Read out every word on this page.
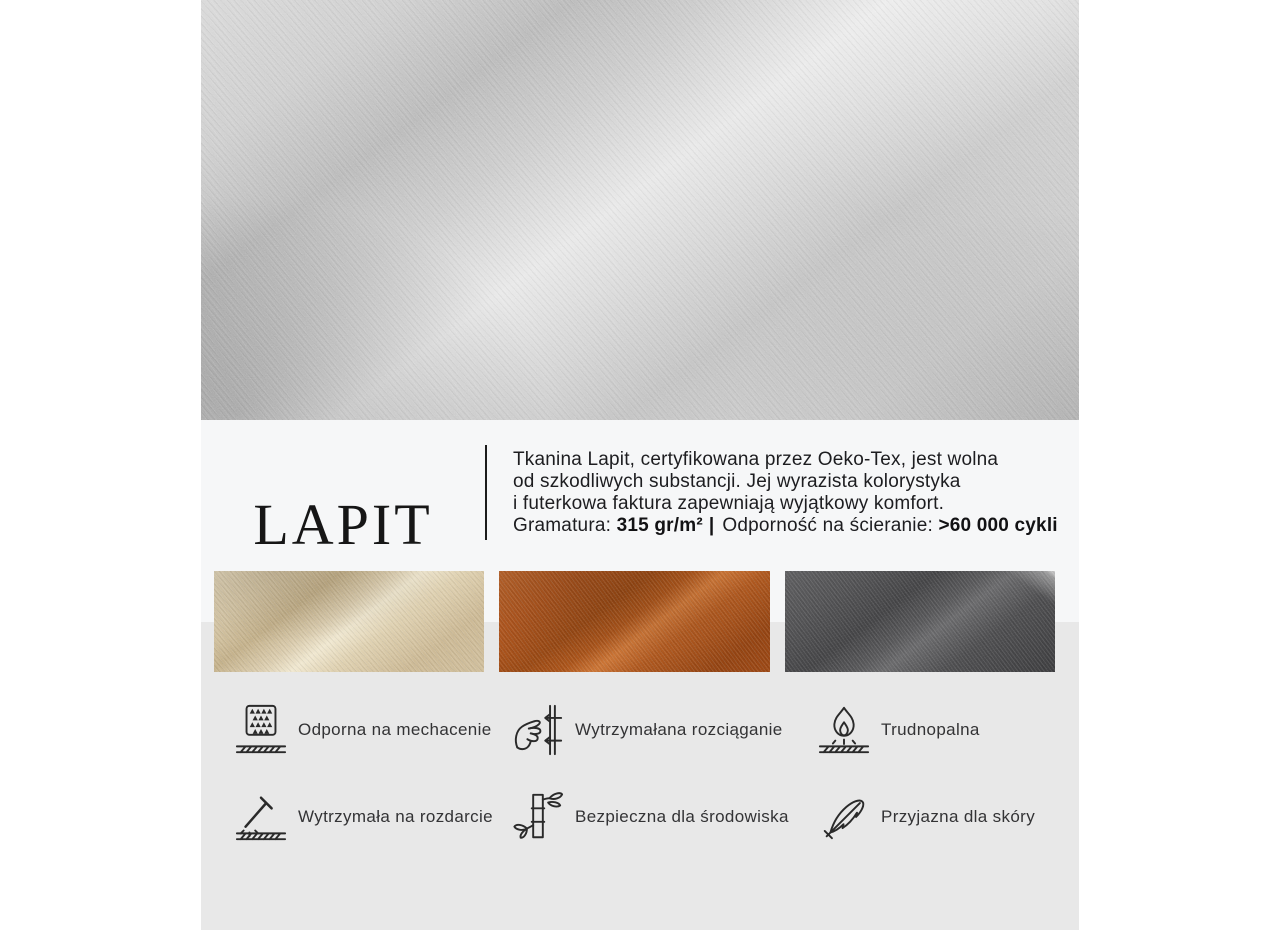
LAPIT
Tkanina Lapit, certyfikowana przez Oeko-Tex, jest wolna
od szkodliwych substancji. Jej wyrazista kolorystyka
i futerkowa faktura zapewniają wyjątkowy komfort.
Gramatura: 315 gr/m² | Odporność na ścieranie: >60 000 cykli
Odporna na mechacenie	Wytrzymałana rozciąganie	Trudnopalna
Wytrzymała na rozdarcie	Bezpieczna dla środowiska	Przyjazna dla skóry
